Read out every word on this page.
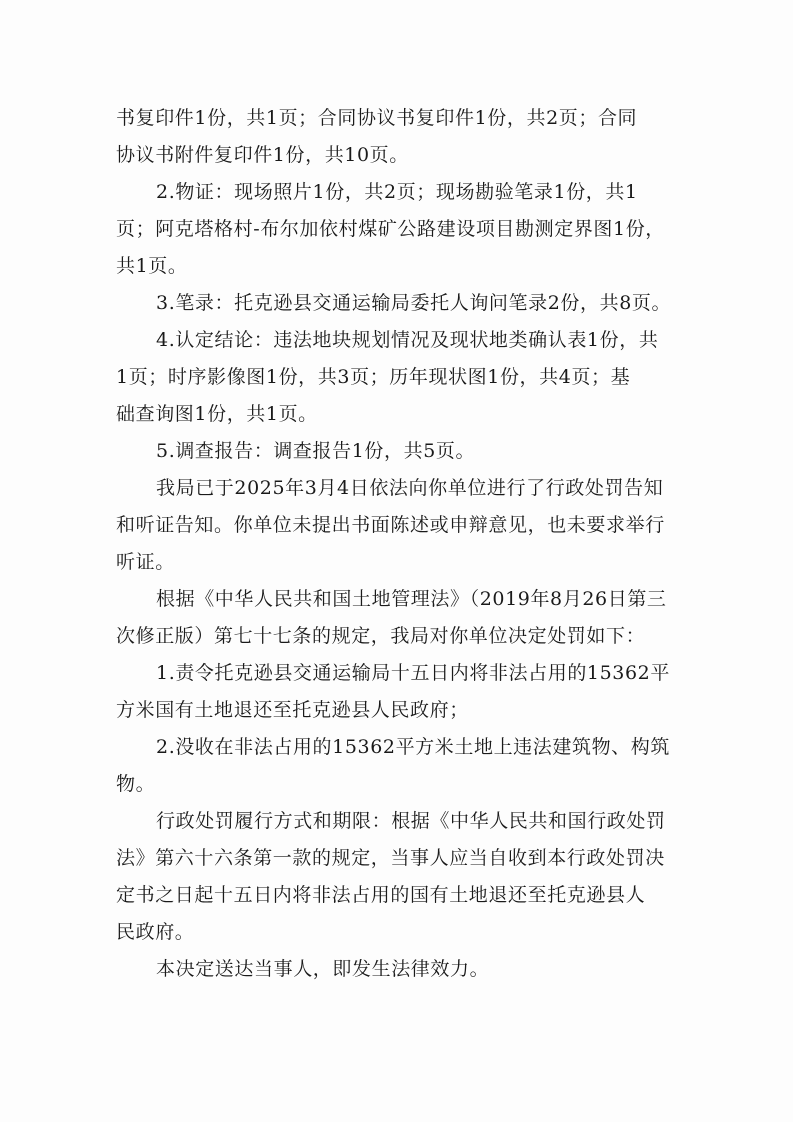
书复印件1份，共1页；合同协议书复印件1份，共2页；合同
协议书附件复印件1份，共10页。
2.物证：现场照片1份，共2页；现场勘验笔录1份，共1
页；阿克塔格村-布尔加依村煤矿公路建设项目勘测定界图1份，
共1页。
3.笔录：托克逊县交通运输局委托人询问笔录2份，共8页。
4.认定结论：违法地块规划情况及现状地类确认表1份，共
1页；时序影像图1份，共3页；历年现状图1份，共4页；基
础查询图1份，共1页。
5.调查报告：调查报告1份，共5页。
我局已于2025年3月4日依法向你单位进行了行政处罚告知
和听证告知。你单位未提出书面陈述或申辩意见，也未要求举行
听证。
根据《中华人民共和国土地管理法》（2019年8月26日第三
次修正版）第七十七条的规定，我局对你单位决定处罚如下：
1.责令托克逊县交通运输局十五日内将非法占用的15362平
方米国有土地退还至托克逊县人民政府；
2.没收在非法占用的15362平方米土地上违法建筑物、构筑
物。
行政处罚履行方式和期限：根据《中华人民共和国行政处罚
法》第六十六条第一款的规定，当事人应当自收到本行政处罚决
定书之日起十五日内将非法占用的国有土地退还至托克逊县人
民政府。
本决定送达当事人，即发生法律效力。
